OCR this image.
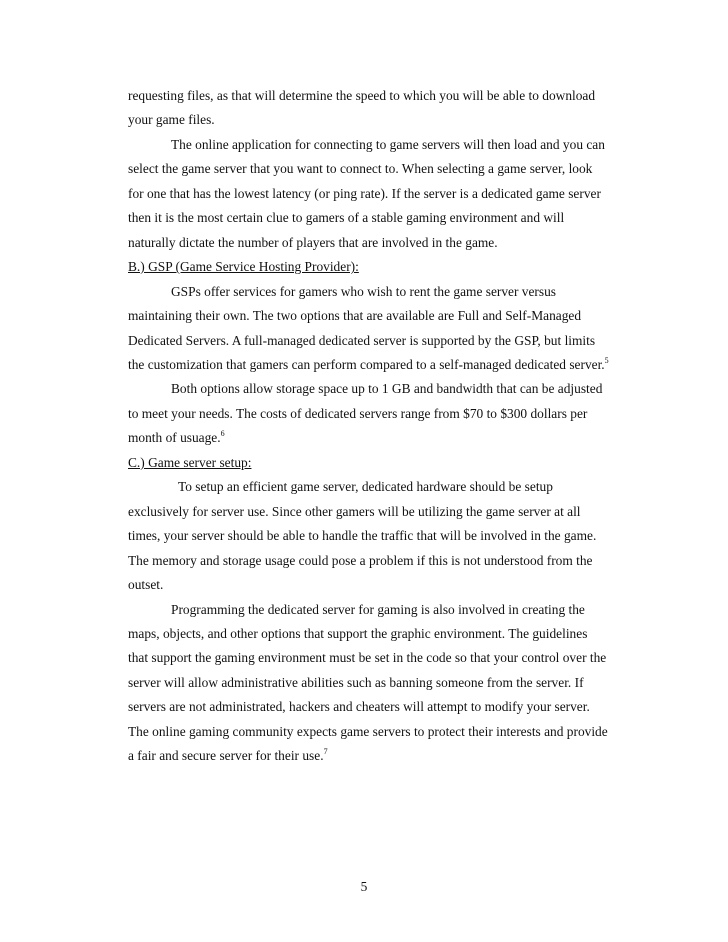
requesting files, as that will determine the speed to which you will be able to download
your game files.

The online application for connecting to game servers will then load and you can
select the game server that you want to connect to. When selecting a game server, look
for one that has the lowest latency (or ping rate). If the server is a dedicated game server
then it is the most certain clue to gamers of a stable gaming environment and will
naturally dictate the number of players that are involved in the game.

B.) GSP (Game Service Hosting Provider):

GSPs offer services for gamers who wish to rent the game server versus
maintaining their own. The two options that are available are Full and Self-Managed
Dedicated Servers. A full-managed dedicated server is supported by the GSP, but limits
the customization that gamers can perform compared to a self-managed dedicated server.$^5$

Both options allow storage space up to 1 GB and bandwidth that can be adjusted
to meet your needs. The costs of dedicated servers range from $70 to $300 dollars per
month of usuage.$^6$

C.) Game server setup:

To setup an efficient game server, dedicated hardware should be setup
exclusively for server use. Since other gamers will be utilizing the game server at all
times, your server should be able to handle the traffic that will be involved in the game.
The memory and storage usage could pose a problem if this is not understood from the
outset.

Programming the dedicated server for gaming is also involved in creating the
maps, objects, and other options that support the graphic environment. The guidelines
that support the gaming environment must be set in the code so that your control over the
server will allow administrative abilities such as banning someone from the server. If
servers are not administrated, hackers and cheaters will attempt to modify your server.
The online gaming community expects game servers to protect their interests and provide
a fair and secure server for their use.$^7$

5
